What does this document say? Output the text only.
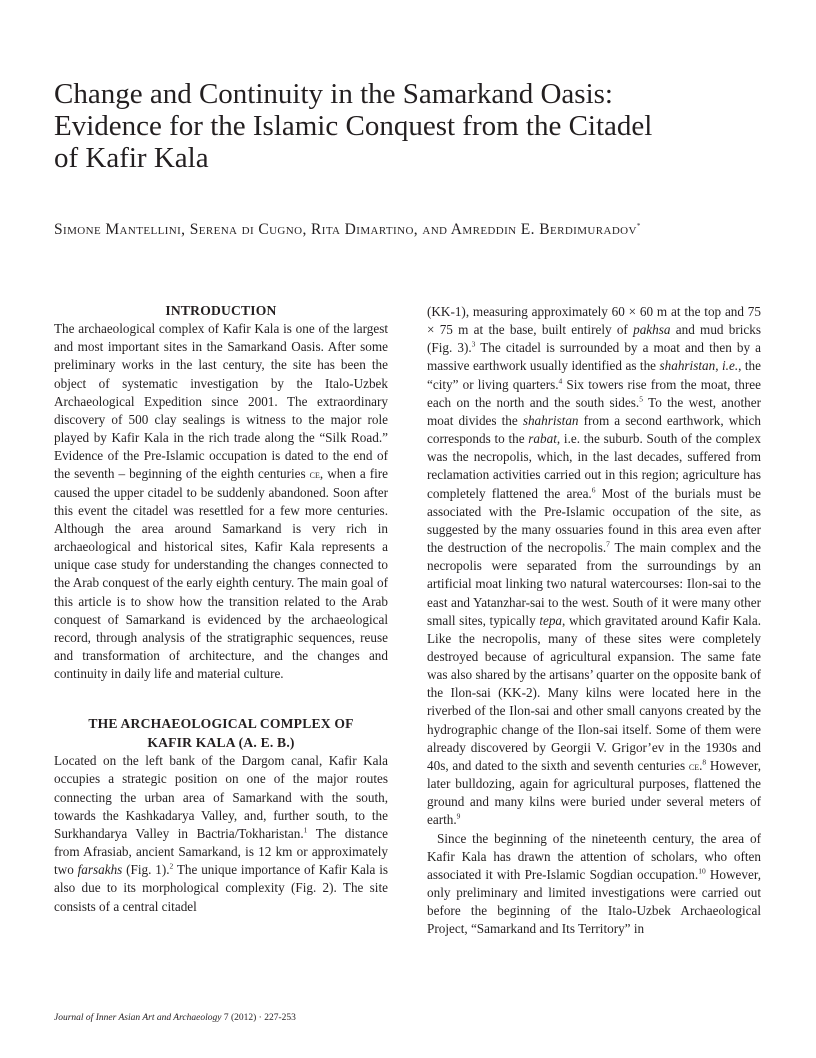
Change and Continuity in the Samarkand Oasis:
Evidence for the Islamic Conquest from the Citadel
of Kafir Kala
Simone Mantellini, Serena di Cugno, Rita Dimartino, and Amreddin E. Berdimuradov*

INTRODUCTION

The archaeological complex of Kafir Kala is one of the largest and most important sites in the Samarkand Oasis. After some preliminary works in the last century, the site has been the object of systematic investigation by the Italo-Uzbek Archaeological Expedition since 2001. The extraordinary discovery of 500 clay sealings is witness to the major role played by Kafir Kala in the rich trade along the “Silk Road.” Evidence of the Pre-Islamic occupation is dated to the end of the seventh – beginning of the eighth centuries ce, when a fire caused the upper citadel to be suddenly abandoned. Soon after this event the citadel was resettled for a few more centuries. Although the area around Samarkand is very rich in archaeological and historical sites, Kafir Kala represents a unique case study for understanding the changes connected to the Arab conquest of the early eighth century. The main goal of this article is to show how the transition related to the Arab conquest of Samarkand is evidenced by the archaeological record, through analysis of the stratigraphic sequences, reuse and transformation of architecture, and the changes and continuity in daily life and material culture.

THE ARCHAEOLOGICAL COMPLEX OF
KAFIR KALA (A. E. B.)

Located on the left bank of the Dargom canal, Kafir Kala occupies a strategic position on one of the major routes connecting the urban area of Samarkand with the south, towards the Kashkadarya Valley, and, further south, to the Surkhandarya Valley in Bactria/Tokharistan.$^1$ The distance from Afrasiab, ancient Samarkand, is 12 km or approximately two farsakhs (Fig. 1).$^2$ The unique importance of Kafir Kala is also due to its morphological complexity (Fig. 2). The site consists of a central citadel

(KK-1), measuring approximately 60 × 60 m at the top and 75 × 75 m at the base, built entirely of pakhsa and mud bricks (Fig. 3).$^3$ The citadel is surrounded by a moat and then by a massive earthwork usually identified as the shahristan, i.e., the “city” or living quarters.$^4$ Six towers rise from the moat, three each on the north and the south sides.$^5$ To the west, another moat divides the shahristan from a second earthwork, which corresponds to the rabat, i.e. the suburb. South of the complex was the necropolis, which, in the last decades, suffered from reclamation activities carried out in this region; agriculture has completely flattened the area.$^6$ Most of the burials must be associated with the Pre-Islamic occupation of the site, as suggested by the many ossuaries found in this area even after the destruction of the necropolis.$^7$ The main complex and the necropolis were separated from the surroundings by an artificial moat linking two natural watercourses: Ilon-sai to the east and Yatanzhar-sai to the west. South of it were many other small sites, typically tepa, which gravitated around Kafir Kala. Like the necropolis, many of these sites were completely destroyed because of agricultural expansion. The same fate was also shared by the artisans’ quarter on the opposite bank of the Ilon-sai (KK-2). Many kilns were located here in the riverbed of the Ilon-sai and other small canyons created by the hydrographic change of the Ilon-sai itself. Some of them were already discovered by Georgii V. Grigor’ev in the 1930s and 40s, and dated to the sixth and seventh centuries ce.$^8$ However, later bulldozing, again for agricultural purposes, flattened the ground and many kilns were buried under several meters of earth.$^9$

Since the beginning of the nineteenth century, the area of Kafir Kala has drawn the attention of scholars, who often associated it with Pre-Islamic Sogdian occupation.$^{10}$ However, only preliminary and limited investigations were carried out before the beginning of the Italo-Uzbek Archaeological Project, “Samarkand and Its Territory” in

Journal of Inner Asian Art and Archaeology 7 (2012) · 227-253
